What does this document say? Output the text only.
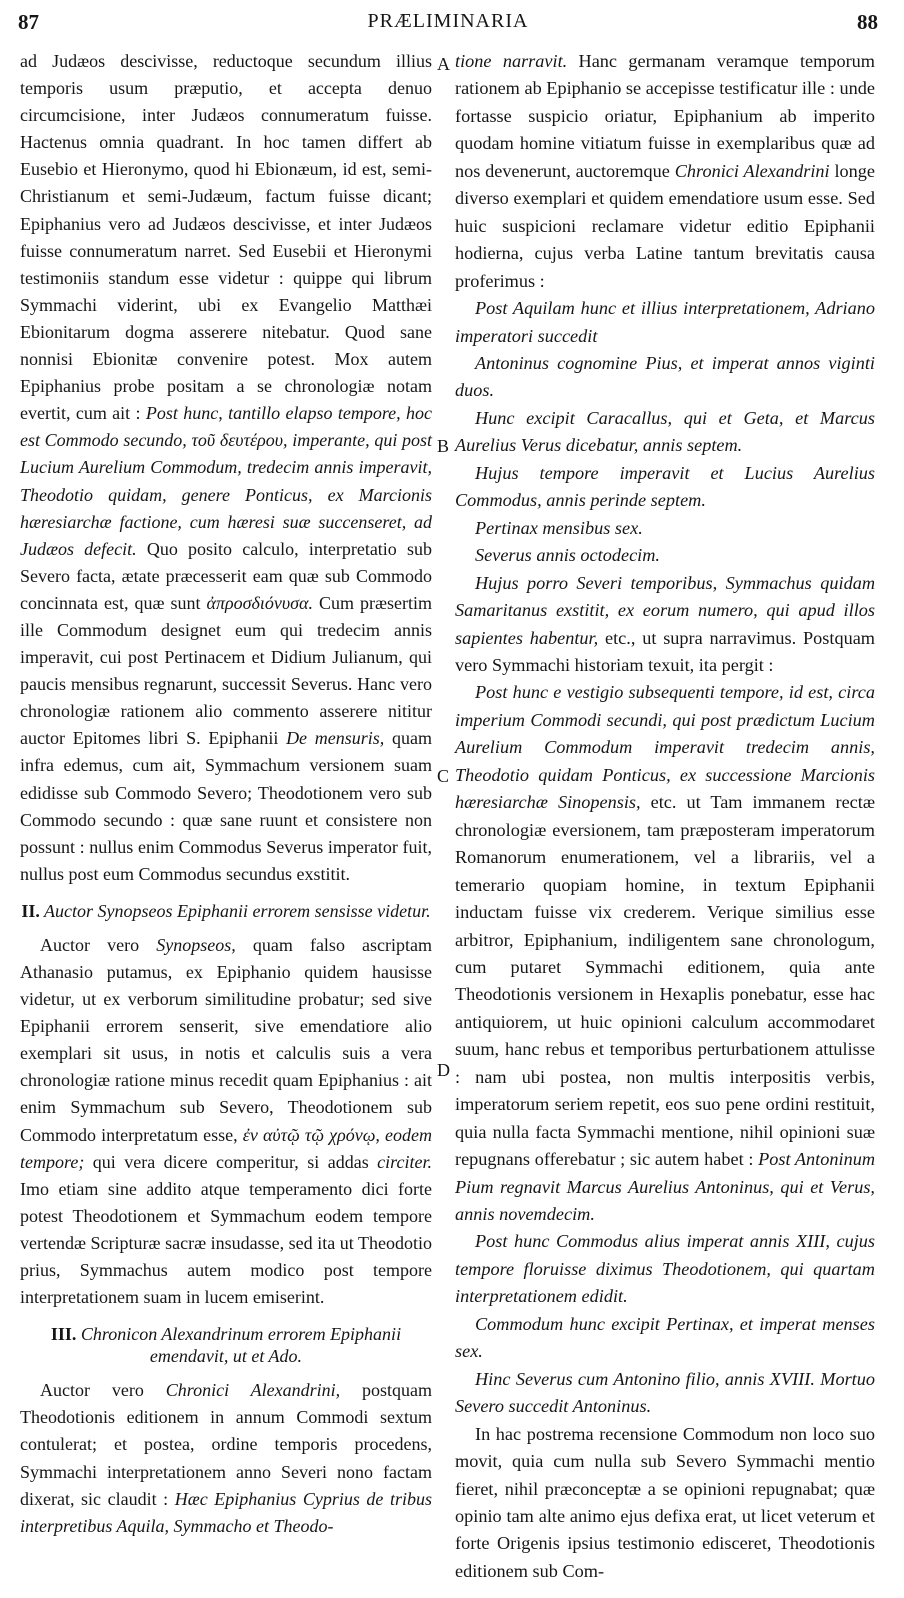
87	PRÆLIMINARIA	88
A
B
C
D

ad Judæos descivisse, reductoque secundum illius temporis usum præputio, et accepta denuo circumcisione, inter Judæos connumeratum fuisse. Hactenus omnia quadrant. In hoc tamen differt ab Eusebio et Hieronymo, quod hi Ebionæum, id est, semi-Christianum et semi-Judæum, factum fuisse dicant; Epiphanius vero ad Judæos descivisse, et inter Judæos fuisse connumeratum narret. Sed Eusebii et Hieronymi testimoniis standum esse videtur : quippe qui librum Symmachi viderint, ubi ex Evangelio Matthæi Ebionitarum dogma asserere nitebatur. Quod sane nonnisi Ebionitæ convenire potest. Mox autem Epiphanius probe positam a se chronologiæ notam evertit, cum ait : Post hunc, tantillo elapso tempore, hoc est Commodo secundo, τοῦ δευτέρου, imperante, qui post Lucium Aurelium Commodum, tredecim annis imperavit, Theodotio quidam, genere Ponticus, ex Marcionis hæresiarchæ factione, cum hæresi suæ succenseret, ad Judæos defecit. Quo posito calculo, interpretatio sub Severo facta, ætate præcesserit eam quæ sub Commodo concinnata est, quæ sunt ἀπροσδιόνυσα. Cum præsertim ille Commodum designet eum qui tredecim annis imperavit, cui post Pertinacem et Didium Julianum, qui paucis mensibus regnarunt, successit Severus. Hanc vero chronologiæ rationem alio commento asserere nititur auctor Epitomes libri S. Epiphanii De mensuris, quam infra edemus, cum ait, Symmachum versionem suam edidisse sub Commodo Severo; Theodotionem vero sub Commodo secundo : quæ sane ruunt et consistere non possunt : nullus enim Commodus Severus imperator fuit, nullus post eum Commodus secundus exstitit.

II. Auctor Synopseos Epiphanii errorem sensisse videtur.

Auctor vero Synopseos, quam falso ascriptam Athanasio putamus, ex Epiphanio quidem hausisse videtur, ut ex verborum similitudine probatur; sed sive Epiphanii errorem senserit, sive emendatiore alio exemplari sit usus, in notis et calculis suis a vera chronologiæ ratione minus recedit quam Epiphanius : ait enim Symmachum sub Severo, Theodotionem sub Commodo interpretatum esse, ἐν αὐτῷ τῷ χρόνῳ, eodem tempore; qui vera dicere comperitur, si addas circiter. Imo etiam sine addito atque temperamento dici forte potest Theodotionem et Symmachum eodem tempore vertendæ Scripturæ sacræ insudasse, sed ita ut Theodotio prius, Symmachus autem modico post tempore interpretationem suam in lucem emiserint.

III. Chronicon Alexandrinum errorem Epiphanii emendavit, ut et Ado.

Auctor vero Chronici Alexandrini, postquam Theodotionis editionem in annum Commodi sextum contulerat; et postea, ordine temporis procedens, Symmachi interpretationem anno Severi nono factam dixerat, sic claudit : Hæc Epiphanius Cyprius de tribus interpretibus Aquila, Symmacho et Theodo-

tione narravit. Hanc germanam veramque temporum rationem ab Epiphanio se accepisse testificatur ille : unde fortasse suspicio oriatur, Epiphanium ab imperito quodam homine vitiatum fuisse in exemplaribus quæ ad nos devenerunt, auctoremque Chronici Alexandrini longe diverso exemplari et quidem emendatiore usum esse. Sed huic suspicioni reclamare videtur editio Epiphanii hodierna, cujus verba Latine tantum brevitatis causa proferimus :

Post Aquilam hunc et illius interpretationem, Adriano imperatori succedit

Antoninus cognomine Pius, et imperat annos viginti duos.

Hunc excipit Caracallus, qui et Geta, et Marcus Aurelius Verus dicebatur, annis septem.

Hujus tempore imperavit et Lucius Aurelius Commodus, annis perinde septem.

Pertinax mensibus sex.

Severus annis octodecim.

Hujus porro Severi temporibus, Symmachus quidam Samaritanus exstitit, ex eorum numero, qui apud illos sapientes habentur, etc., ut supra narravimus. Postquam vero Symmachi historiam texuit, ita pergit :

Post hunc e vestigio subsequenti tempore, id est, circa imperium Commodi secundi, qui post prædictum Lucium Aurelium Commodum imperavit tredecim annis, Theodotio quidam Ponticus, ex successione Marcionis hæresiarchæ Sinopensis, etc. ut Tam immanem rectæ chronologiæ eversionem, tam præposteram imperatorum Romanorum enumerationem, vel a librariis, vel a temerario quopiam homine, in textum Epiphanii inductam fuisse vix crederem. Verique similius esse arbitror, Epiphanium, indiligentem sane chronologum, cum putaret Symmachi editionem, quia ante Theodotionis versionem in Hexaplis ponebatur, esse hac antiquiorem, ut huic opinioni calculum accommodaret suum, hanc rebus et temporibus perturbationem attulisse : nam ubi postea, non multis interpositis verbis, imperatorum seriem repetit, eos suo pene ordini restituit, quia nulla facta Symmachi mentione, nihil opinioni suæ repugnans offerebatur ; sic autem habet : Post Antoninum Pium regnavit Marcus Aurelius Antoninus, qui et Verus, annis novemdecim.

Post hunc Commodus alius imperat annis XIII, cujus tempore floruisse diximus Theodotionem, qui quartam interpretationem edidit.

Commodum hunc excipit Pertinax, et imperat menses sex.

Hinc Severus cum Antonino filio, annis XVIII. Mortuo Severo succedit Antoninus.

In hac postrema recensione Commodum non loco suo movit, quia cum nulla sub Severo Symmachi mentio fieret, nihil præconceptæ a se opinioni repugnabat; quæ opinio tam alte animo ejus defixa erat, ut licet veterum et forte Origenis ipsius testimonio edisceret, Theodotionis editionem sub Com-
